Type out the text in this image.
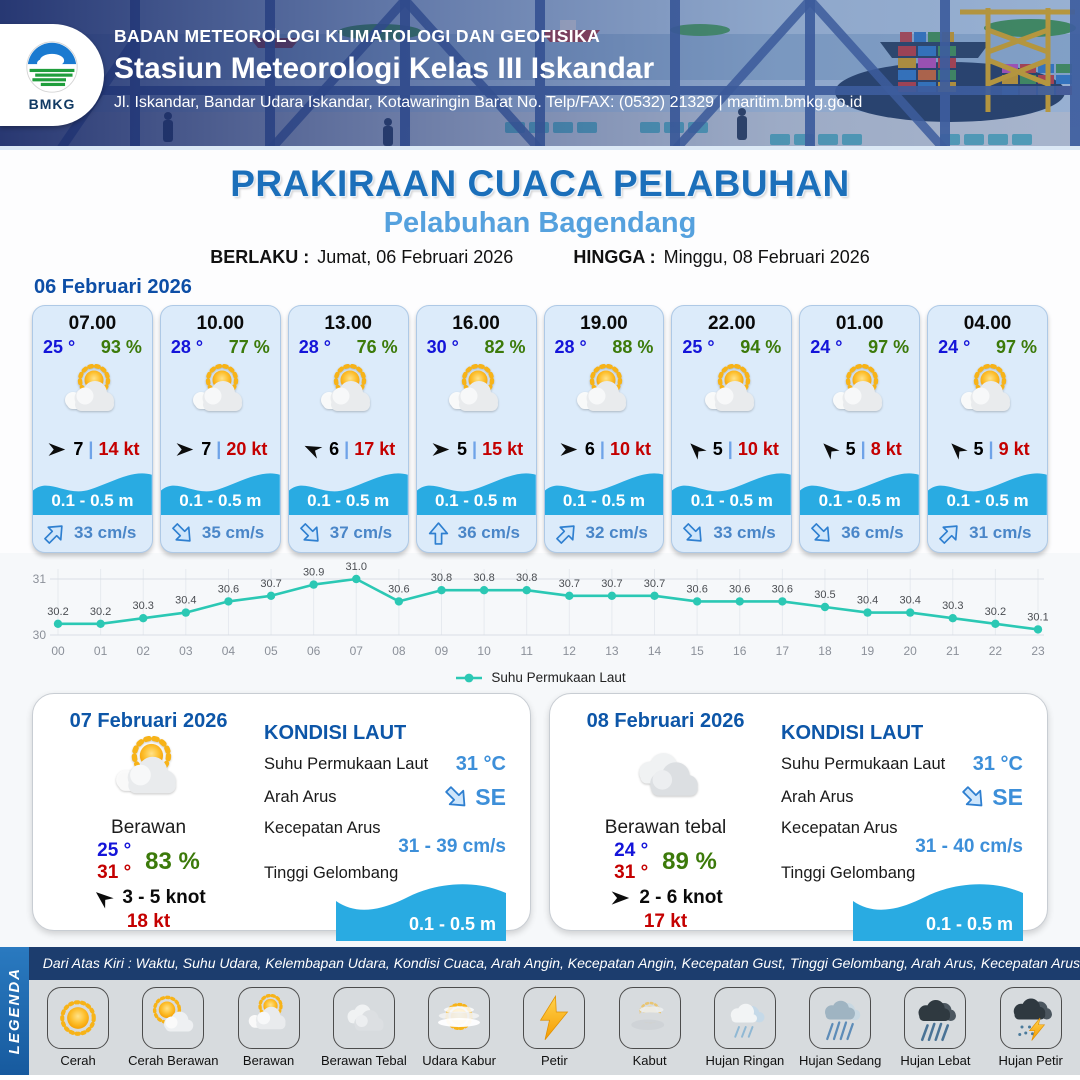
BMKG
BADAN METEOROLOGI KLIMATOLOGI DAN GEOFISIKA
Stasiun Meteorologi Kelas III Iskandar
Jl. Iskandar, Bandar Udara Iskandar, Kotawaringin Barat No. Telp/FAX: (0532) 21329 | maritim.bmkg.go.id
PRAKIRAAN CUACA PELABUHAN
Pelabuhan Bagendang
BERLAKU : Jumat, 06 Februari 2026	HINGGA : Minggu, 08 Februari 2026
06 Februari 2026
07.00
25 ° 93 %
7 | 14 kt
0.1 - 0.5 m
33 cm/s
10.00
28 ° 77 %
7 | 20 kt
0.1 - 0.5 m
35 cm/s
13.00
28 ° 76 %
6 | 17 kt
0.1 - 0.5 m
37 cm/s
16.00
30 ° 82 %
5 | 15 kt
0.1 - 0.5 m
36 cm/s
19.00
28 ° 88 %
6 | 10 kt
0.1 - 0.5 m
32 cm/s
22.00
25 ° 94 %
5 | 10 kt
0.1 - 0.5 m
33 cm/s
01.00
24 ° 97 %
5 | 8 kt
0.1 - 0.5 m
36 cm/s
04.00
24 ° 97 %
5 | 9 kt
0.1 - 0.5 m
31 cm/s
30
31
30.2 30.2 30.3 30.4
30.6 30.7
30.9 31.0
30.6
30.8 30.8 30.8 30.7 30.7 30.7 30.6 30.6 30.6 30.5 30.4 30.4 30.3 30.2 30.1
00 01 02 03 04 05 06 07 08 09 10 11 12 13 14 15 16 17 18 19 20 21 22 23
Suhu Permukaan Laut
07 Februari 2026
Berawan
25 °
31 ° 83 %
3 - 5 knot
18 kt
KONDISI LAUT
Suhu Permukaan Laut 31 °C
Arah Arus	SE
Kecepatan Arus
31 - 39 cm/s
Tinggi Gelombang
0.1 - 0.5 m
08 Februari 2026
Berawan tebal
24 °
31 ° 89 %
2 - 6 knot
17 kt
KONDISI LAUT
Suhu Permukaan Laut 31 °C
Arah Arus	SE
Kecepatan Arus
31 - 40 cm/s
Tinggi Gelombang
0.1 - 0.5 m
LEGENDA
Dari Atas Kiri : Waktu, Suhu Udara, Kelembapan Udara, Kondisi Cuaca, Arah Angin, Kecepatan Angin, Kecepatan Gust, Tinggi Gelombang, Arah Arus, Kecepatan Arus
Cerah Cerah Berawan Berawan Berawan Tebal Udara Kabur	Petir	Kabut	Hujan Ringan Hujan Sedang Hujan Lebat Hujan Petir
